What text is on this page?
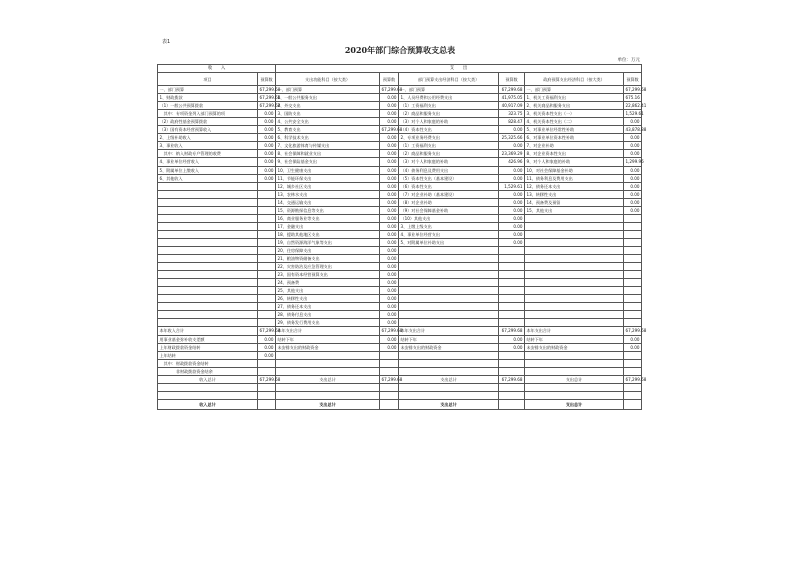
表1
2020年部门综合预算收支总表
单位：万元
收　　入		支　　出					
项目	预算数	支出功能科目（按大类）	预算数	部门预算支出经济科目（按大类）	预算数	政府预算支出经济科目（按大类）	预算数
一、部门预算	67,299.68	一、部门预算	67,299.68	一、部门预算	67,299.68	一、部门预算	67,299.68
1、财政拨款	67,299.68	1、一般公共服务支出	0.00	1、人员经费和公用经费支出	41,975.05	1、机关工资福利支出	675.16
（1）一般公共预算拨款	67,299.68	2、外交支出	0.00	（1）工资福利支出	40,917.09	2、机关商品和服务支出	22,862.41
　其中：专项资金列入部门预算的项	0.00	3、国防支出	0.00	（2）商品和服务支出	323.75	3、机关资本性支出（一）	1,529.61
（2）政府性基金预算拨款	0.00	4、公共安全支出	0.00	（3）对个人和家庭的补助	828.47	4、机关资本性支出（二）	0.00
（3）国有资本经营预算收入	0.00	5、教育支出	67,299.68	（4）资本性支出	0.00	5、对事业单位经常性补助	43,878.88
2、上级补助收入	0.00	6、科学技术支出	0.00	2、专项业务经费支出	25,325.66	6、对事业单位资本性补助	0.00
3、事业收入	0.00	7、文化旅游体育与传媒支出	0.00	（1）工资福利支出	0.00	7、对企业补助	0.00
　其中：纳入财政专户管理的收费	0.00	8、社会保障和就业支出	0.00	（2）商品和服务支出	23,369.29	8、对企业资本性支出	0.00
4、事业单位经营收入	0.00	9、社会保险基金支出	0.00	（3）对个人和家庭的补助	426.96	9、对个人和家庭的补助	1,299.96
5、附属单位上缴收入	0.00	10、卫生健康支出	0.00	（4）债务利息及费用支出	0.00	10、对社会保障基金补助	0.00
6、其他收入	0.00	11、节能环保支出	0.00	（5）资本性支出（基本建设）	0.00	11、债务利息及费用支出	0.00
		12、城乡社区支出	0.00	（6）资本性支出	1,529.61	12、债务还本支出	0.00
		13、农林水支出	0.00	（7）对企业补助（基本建设）	0.00	13、转移性支出	0.00
		14、交通运输支出	0.00	（8）对企业补助	0.00	14、预备费及预留	0.00
		15、资源勘探信息等支出	0.00	（9）对社会保障基金补助	0.00	15、其他支出	0.00
		16、商业服务业等支出	0.00	（10）其他支出	0.00		
		17、金融支出	0.00	3、上缴上级支出	0.00		
		18、援助其他地区支出	0.00	4、事业单位经营支出	0.00		
		19、自然资源海洋气象等支出	0.00	5、对附属单位补助支出	0.00		
		20、住房保障支出	0.00				
		21、粮油物资储备支出	0.00				
		22、灾害防治及应急管理支出	0.00				
		23、国有资本经营预算支出	0.00				
		24、预备费	0.00				
		25、其他支出	0.00				
		26、转移性支出	0.00				
		27、债务还本支出	0.00				
		28、债务付息支出	0.00				
		29、债务发行费用支出	0.00				
本年收入合计	67,299.68	本年支出合计	67,299.68	本年支出合计	67,299.68	本年支出合计	67,299.68
用事业基金弥补收支差额	0.00	结转下年	0.00	结转下年	0.00	结转下年	0.00
上年财政拨款资金结转	0.00	未安排支出的财政资金	0.00	未安排支出的财政资金	0.00	未安排支出的财政资金	0.00
上年结转	0.00						
　其中：财政拨款资金结转							
　　　　非财政拨款资金结余							
收入总计	67,299.68	支出总计	67,299.68	支出总计	67,299.68	支出总计	67,299.68

收入总计		支出总计		支出总计		支出总计	
